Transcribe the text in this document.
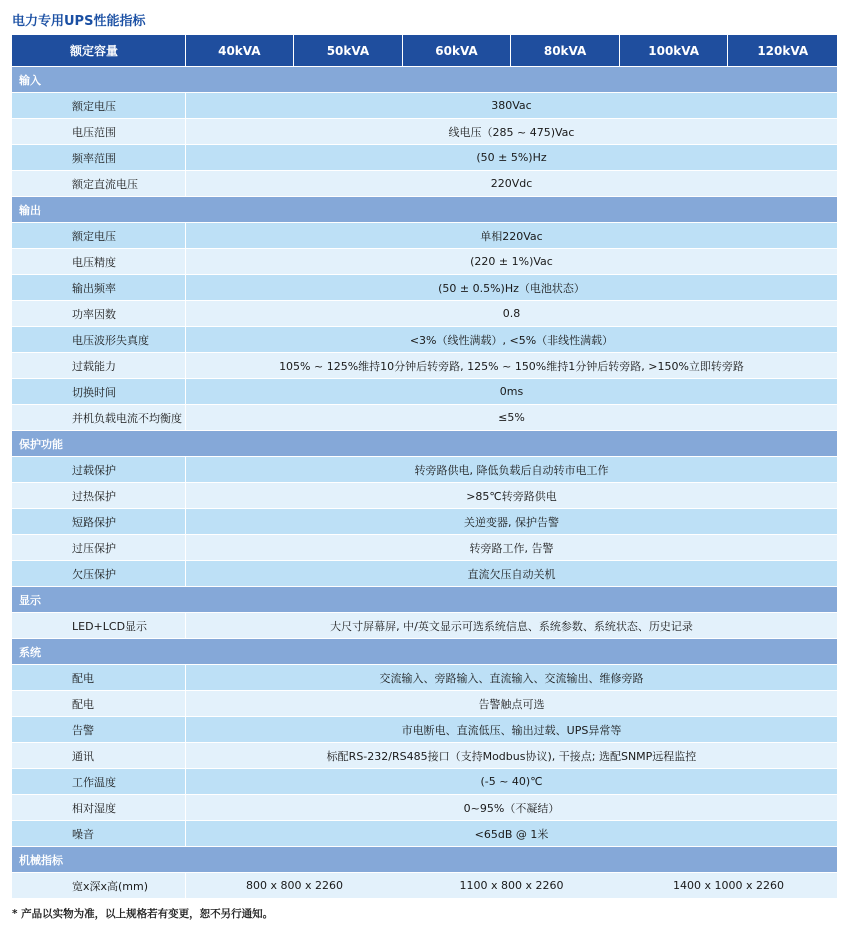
电力专用UPS性能指标
额定容量	40kVA	50kVA	60kVA	80kVA	100kVA	120kVA
输入
额定电压	380Vac
电压范围	线电压（285 ~ 475)Vac
频率范围	(50 ± 5%)Hz
额定直流电压	220Vdc
输出
额定电压	单相220Vac
电压精度	(220 ± 1%)Vac
输出频率	(50 ± 0.5%)Hz（电池状态）
功率因数	0.8
电压波形失真度	<3%（线性满载）, <5%（非线性满载）
过载能力	105% ~ 125%维持10分钟后转旁路, 125% ~ 150%维持1分钟后转旁路, >150%立即转旁路
切换时间	0ms
并机负载电流不均衡度	≤5%
保护功能
过载保护	转旁路供电, 降低负载后自动转市电工作
过热保护	>85℃转旁路供电
短路保护	关逆变器, 保护告警
过压保护	转旁路工作, 告警
欠压保护	直流欠压自动关机
显示
LED+LCD显示	大尺寸屏幕屏, 中/英文显示可选系统信息、系统参数、系统状态、历史记录
系统
配电	交流输入、旁路输入、直流输入、交流输出、维修旁路
配电	告警触点可选
告警	市电断电、直流低压、输出过载、UPS异常等
通讯	标配RS-232/RS485接口（支持Modbus协议), 干接点; 选配SNMP远程监控
工作温度	(-5 ~ 40)℃
相对湿度	0~95%（不凝结）
噪音	<65dB @ 1米
机械指标
宽x深x高(mm)	800 x 800 x 2260	1100 x 800 x 2260	1400 x 1000 x 2260
* 产品以实物为准，以上规格若有变更，恕不另行通知。
